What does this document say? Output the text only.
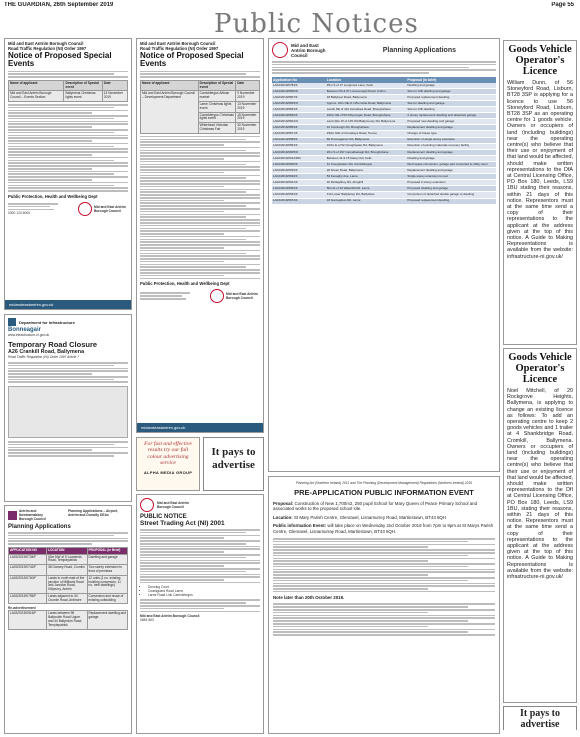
THE GUARDIAN, 26th September 2019	Page 55
Public Notices
Mid and East Antrim Borough Council
Road Traffic Regulation (NI) Order 1997
Notice of Proposed Special Events
Name of applicant	Description of Special event	Date
Mid and East Antrim Borough Council – Events Section	Ballymena Christmas lights event	14 November 2019
Public Protection, Health and Wellbeing Dept
0300 124 5000
Mid and East Antrim Borough Council
midandeastantrim.gov.uk
Mid and East Antrim Borough Council
Road Traffic Regulation (NI) Order 1997
Notice of Proposed Special Events
Name of applicant	Description of Special event	Date
Mid and East Antrim Borough Council – Development Department	Carrickfergus Artisan market	9 November 2019
	Larne Christmas lights event	13 November 2019
	Carrickfergus Christmas lights event	15 November 2019
	Whitehead Victorian Christmas Fair	30 November 2019
Public Protection, Health and Wellbeing Dept
Mid and East Antrim Borough Council
midandeastantrim.gov.uk
Mid and East Antrim Borough Council
Planning Applications
Application No	Location	Proposal (in brief)
LA02/2019/0784/F	45m S of 17 Longmore Lane, Kells	Dwelling and garage
LA02/2019/0806/O	Between 53 & 57 Lisnevenagh Road, Antrim	Site for infill dwelling and garage
LA02/2019/0807/F	18 Ballykeel Road, Ballymena	Proposed replacement dwelling
LA02/2019/0815/O	Approx. 40m NE of 4 Burnside Road, Ballymena	Site for dwelling and garage
LA02/2019/0823/F	Lands NE of 116 Lisnaskea Road, Broughshane	Site for infill dwelling
LA02/2019/0842/F	100m NE of 50 Killycoogan Road, Broughshane	2 storey replacement dwelling and detached garage
LA02/2019/0844/O	Land 40m W of 125 Old Ballymoney Rd, Ballymena	Proposed new dwelling and garage
LA02/2019/0854/F	12 Carnlough Rd, Broughshane	Replacement dwelling and garage
LA02/2019/0871/F	230m N/E of Crosskeys Road, Toome	Change of house type
LA02/2019/0883/F	80 Drumagarner Rd, Ballymena	Retention of single storey extension
LA02/2019/0894/F	100m E of 52 Cloughwater Rd, Ballymena	Retention of existing materials recovery facility
LA02/2019/0905/O	20m S of 297 Carnalbanagh Rd, Broughshane	Replacement dwelling and garage
LA02/2019/0912/RM	Between 11 & 15 Dasey Rd, Kells	Dwelling and garage
LA02/2019/0920/F	12 Cloughwater Rd, Carrickfergus	Roof space conversion, garage part converted to utility room
LA02/2019/0926/F	20 Dreen Road, Ballymena	Replacement dwelling and garage
LA02/2019/0930/F	53 Fenaghy Ave, Larne	Single storey extension to rear
LA02/2019/0941/F	16 Mullaghboy Rd, Ahoghill	Proposed 2 storey extension
LA02/2019/0952/F	50m E of 34 Waterfall Rd, Larne	Proposed dwelling and garage
LA02/2019/0963/F	110 Lower Ballyboley Rd, Ballyclare	Conversion of detached double garage to dwelling
LA02/2019/0974/F	18 Ganvaghan Rd, Larne	Proposed replacement dwelling
Goods Vehicle Operator's Licence
William Dunn, of 56 Stoneyford Road, Lisburn, BT28 3SP is applying for a licence to use 56 Stoneyford Road, Lisburn, BT28 3SP as an operating centre for 1 goods vehicle. Owners or occupiers of land (including buildings) near the operating centre(s) who believe that their use or enjoyment of that land would be affected, should make written representations to the DfA at Central Licensing Office, PO Box 180, Leeds, LS9 1BU stating their reasons, within 21 days of this notice. Representors must at the same time send a copy of their representations to the applicant at the address given at the top of this notice. A Guide to Making Representations is available from the website: infrastructure-ni.gov.uk/
Goods Vehicle Operator's Licence
Noel Mitchell, of 20 Rockgrove Heights, Ballymena, is applying to change an existing licence as follows: To add an operating centre to keep 2 goods vehicles and 1 trailer at 4 Shankbridge Road, Cromkill, Ballymena. Owners or occupiers of land (including buildings) near the operating centre(s) who believe that their use or enjoyment of that land would be affected, should make written representations to the DfI at Central Licensing Office, PO Box 180, Leeds, LS9 1BU, stating their reasons, within 21 days of this notice. Representors must at the same time send a copy of their representations to the applicant at the address given at the top of this notice. A Guide to Making Representations is available from the website: infrastructure-ni.gov.uk/
It pays to advertise
Department for Infrastructure
Bonneagair
www.infrastructure-ni.gov.uk
Temporary Road Closure
A26 Crankill Road, Ballymena
Road Traffic Regulation (NI) Order 1997 Article 7
For fast and effective results try our full colour advertising service
ALPHA MEDIA GROUP
It pays to advertise
Mid and East Antrim Borough Council
PUBLIC NOTICE
Street Trading Act (NI) 2001
• Dunclug Court
• Coastguard Road Larne
• Larne Road Link Carrickfergus
Mid and East Antrim Borough Council
0845 563
Antrim and Newtownabbey Borough Council
Planning Applications – Airport, Antrim and Dunsilly DEAs
Planning Applications
APPLICATION NO	LOCATION	PROPOSAL (in Brief)
LA03/2019/0734/F	50m NW of 9 Loanends Road, Templepatrick	Dwelling and garage
LA03/2019/0742/F	38 Ganvey Road, Crumlin	Two storey extension to front of premises
LA03/2019/0760/F	Lands to north east of the junction of Millbank Road and Junction Road, Killycurry, Antrim	12 units (1 no. existing building conversion, 11 no. new dwellings)
LA03/2019/0795/F	Lands adjacent to 34 Crumlin Road, Ardmore	Conversion and reuse of existing outbuilding
Re-advertisement
LA03/2019/0516/F	Lands between 98 Ballyrobin Road Upper and 44 Ballyrobin Road, Templepatrick	Replacement dwelling and garage
Planning Act (Northern Ireland) 2011 and The Planning (Development Management) Regulations (Northern Ireland) 2015
PRE-APPLICATION PUBLIC INFORMATION EVENT
Proposal: Construction of New 1,700m2, 250 pupil School for Mary Queen of Peace Primary School and associated works to the proposed school site.
Location: St Mary Parish Centre, Glenravel, Lisnamurrey Road, Martinstown, BT43 6QH
Public information Event: will take place on Wednesday 2nd October 2019 from 7pm to 9pm at St Marys Parish Centre, Glenravel, Lisnamurray Road, Martinstown, BT43 6QH.
Note later than 20th October 2019.
